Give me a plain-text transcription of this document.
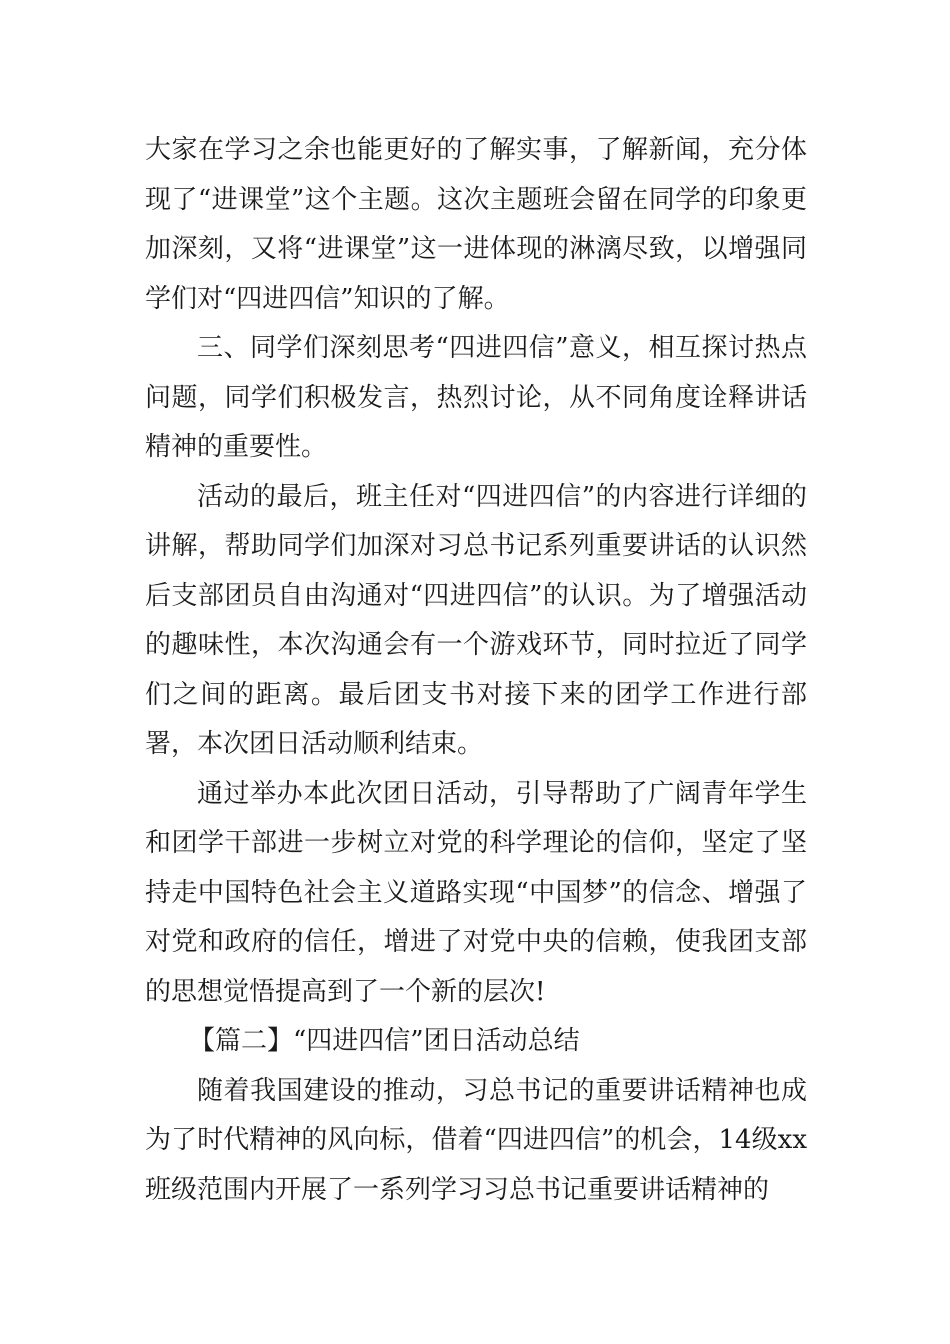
大家在学习之余也能更好的了解实事，了解新闻，充分体现了“进课堂”这个主题。这次主题班会留在同学的印象更加深刻，又将“进课堂”这一进体现的淋漓尽致，以增强同学们对“四进四信”知识的了解。

三、同学们深刻思考“四进四信”意义，相互探讨热点问题，同学们积极发言，热烈讨论，从不同角度诠释讲话精神的重要性。

活动的最后，班主任对“四进四信”的内容进行详细的讲解，帮助同学们加深对习总书记系列重要讲话的认识然后支部团员自由沟通对“四进四信”的认识。为了增强活动的趣味性，本次沟通会有一个游戏环节，同时拉近了同学们之间的距离。最后团支书对接下来的团学工作进行部署，本次团日活动顺利结束。

通过举办本此次团日活动，引导帮助了广阔青年学生和团学干部进一步树立对党的科学理论的信仰，坚定了坚持走中国特色社会主义道路实现“中国梦”的信念、增强了对党和政府的信任，增进了对党中央的信赖，使我团支部的思想觉悟提高到了一个新的层次!

【篇二】“四进四信”团日活动总结

随着我国建设的推动，习总书记的重要讲话精神也成为了时代精神的风向标，借着“四进四信”的机会，14级xx班级范围内开展了一系列学习习总书记重要讲话精神的
